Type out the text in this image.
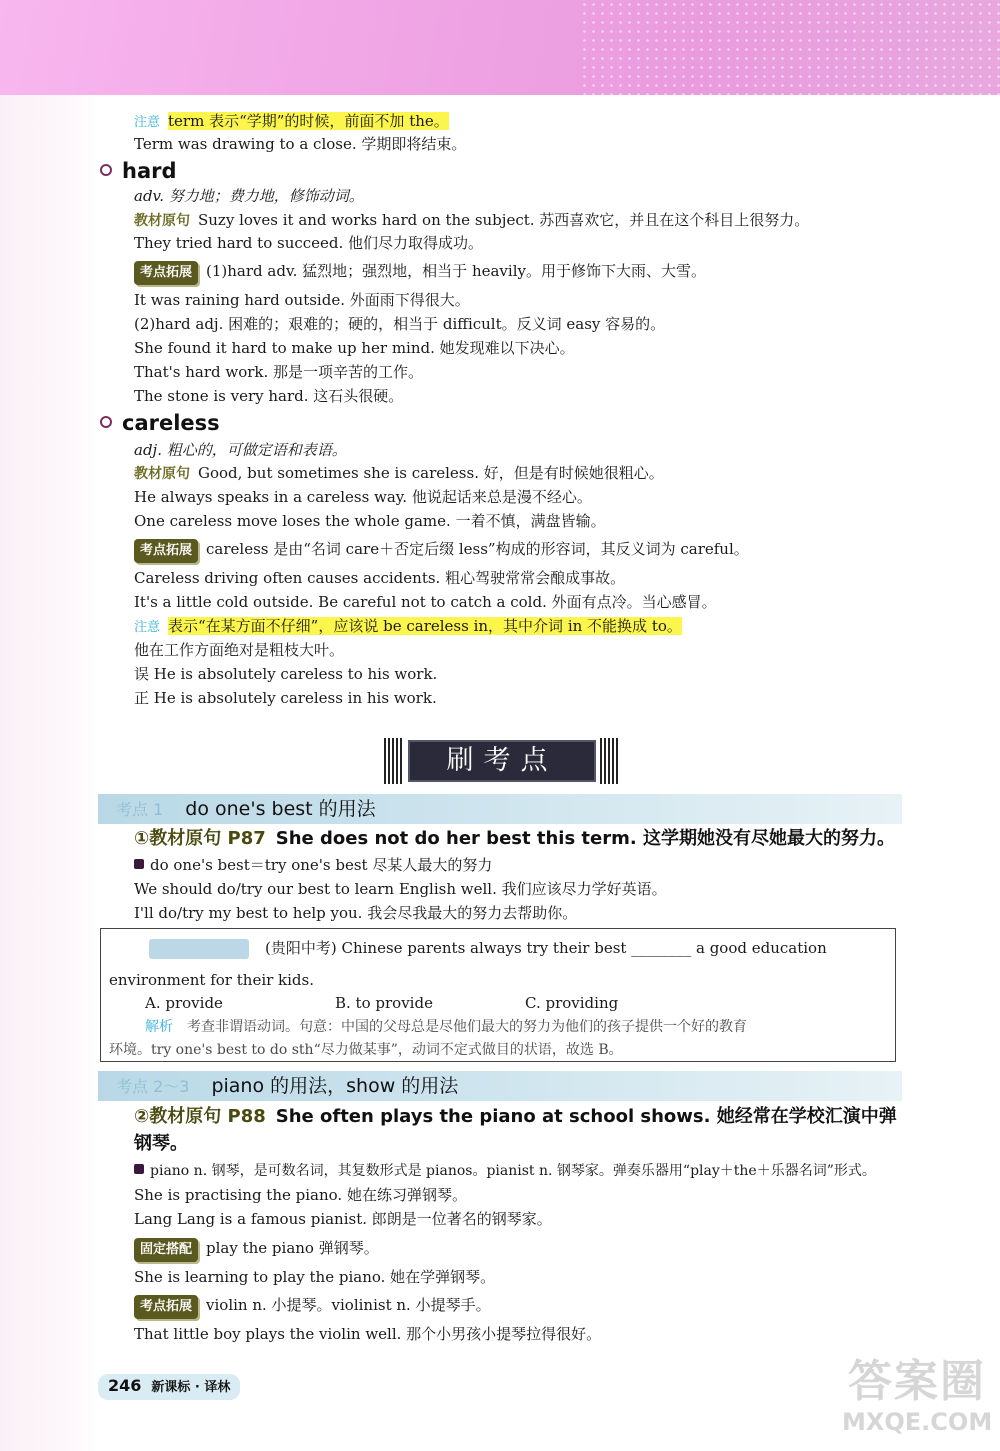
注意 term 表示“学期”的时候，前面不加 the。
Term was drawing to a close. 学期即将结束。
hard
adv. 努力地；费力地，修饰动词。
教材原句 Suzy loves it and works hard on the subject. 苏西喜欢它，并且在这个科目上很努力。
They tried hard to succeed. 他们尽力取得成功。
考点拓展 (1)hard adv. 猛烈地；强烈地，相当于 heavily。用于修饰下大雨、大雪。
It was raining hard outside. 外面雨下得很大。
(2)hard adj. 困难的；艰难的；硬的，相当于 difficult。反义词 easy 容易的。
She found it hard to make up her mind. 她发现难以下决心。
That's hard work. 那是一项辛苦的工作。
The stone is very hard. 这石头很硬。
careless
adj. 粗心的，可做定语和表语。
教材原句 Good, but sometimes she is careless. 好，但是有时候她很粗心。
He always speaks in a careless way. 他说起话来总是漫不经心。
One careless move loses the whole game. 一着不慎，满盘皆输。
考点拓展 careless 是由“名词 care＋否定后缀 less”构成的形容词，其反义词为 careful。
Careless driving often causes accidents. 粗心驾驶常常会酿成事故。
It's a little cold outside. Be careful not to catch a cold. 外面有点冷。当心感冒。
注意 表示“在某方面不仔细”，应该说 be careless in，其中介词 in 不能换成 to。
他在工作方面绝对是粗枝大叶。
误 He is absolutely careless to his work.
正 He is absolutely careless in his work.
刷考点
考点 1 do one's best 的用法
①教材原句 P87 She does not do her best this term. 这学期她没有尽她最大的努力。
do one's best＝try one's best 尽某人最大的努力
We should do/try our best to learn English well. 我们应该尽力学好英语。
I'll do/try my best to help you. 我会尽我最大的努力去帮助你。
(贵阳中考) Chinese parents always try their best ________ a good education
environment for their kids.
A. provide	B. to provide	C. providing
解析 考查非谓语动词。句意：中国的父母总是尽他们最大的努力为他们的孩子提供一个好的教育
环境。try one's best to do sth“尽力做某事”，动词不定式做目的状语，故选 B。
考点 2～3 piano 的用法，show 的用法
②教材原句 P88 She often plays the piano at school shows. 她经常在学校汇演中弹
钢琴。
piano n. 钢琴，是可数名词，其复数形式是 pianos。pianist n. 钢琴家。弹奏乐器用“play＋the＋乐器名词”形式。
She is practising the piano. 她在练习弹钢琴。
Lang Lang is a famous pianist. 郎朗是一位著名的钢琴家。
固定搭配 play the piano 弹钢琴。
She is learning to play the piano. 她在学弹钢琴。
考点拓展 violin n. 小提琴。violinist n. 小提琴手。
That little boy plays the violin well. 那个小男孩小提琴拉得很好。
246 新课标 · 译林	答案圈
MXQE.COM
